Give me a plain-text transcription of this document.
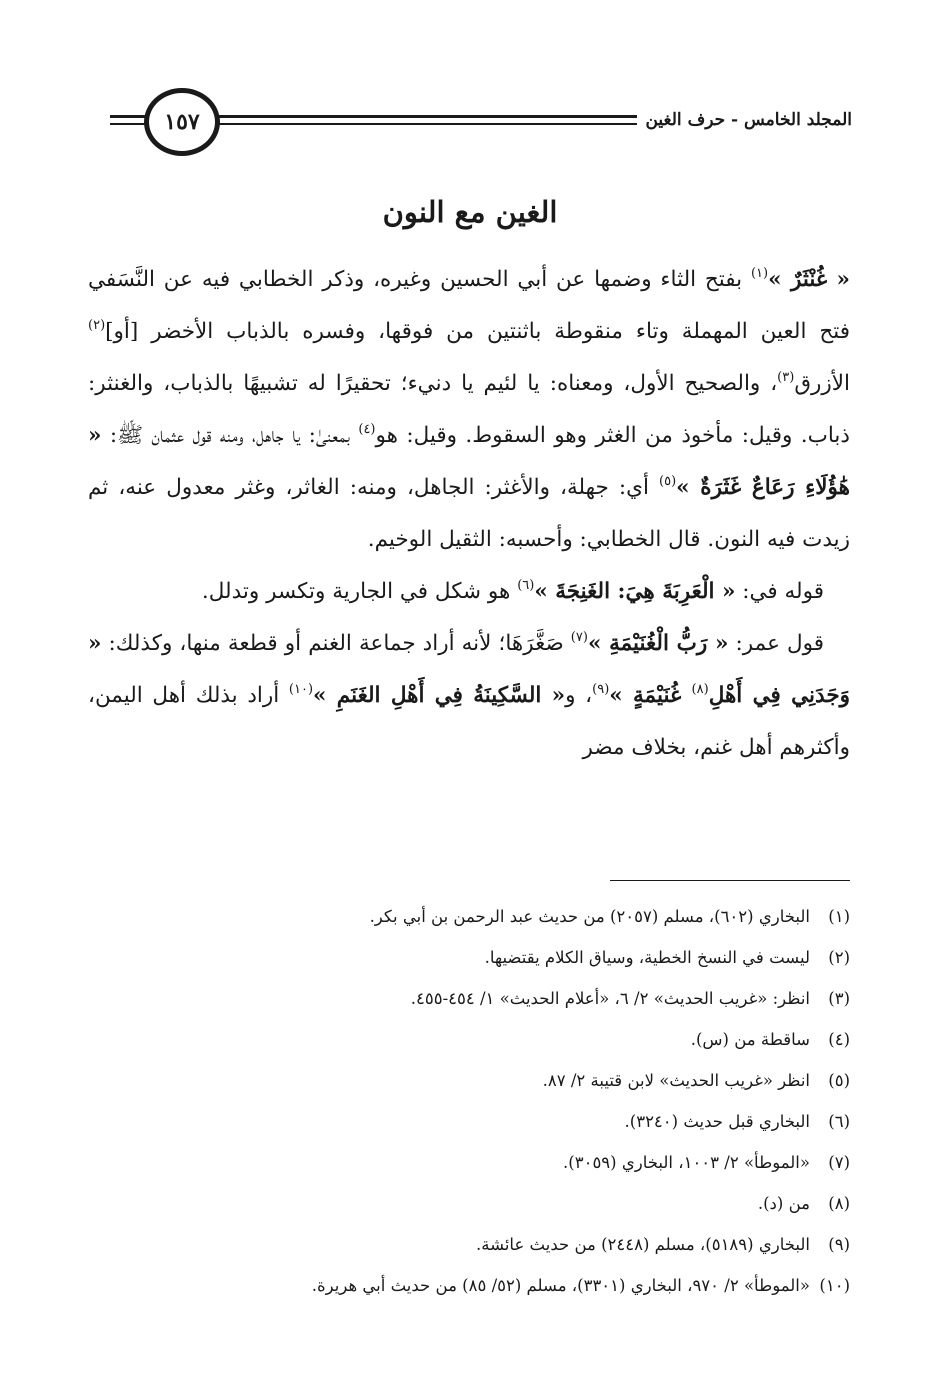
المجلد الخامس - حرف الغين
١٥٧
الغين مع النون

« غُنْثَرٌ »$^{(١)}$ بفتح الثاء وضمها عن أبي الحسين وغيره، وذكر الخطابي فيه عن النَّسَفي فتح العين المهملة وتاء منقوطة باثنتين من فوقها، وفسره بالذباب الأخضر [أو]$^{(٢)}$ الأزرق$^{(٣)}$، والصحيح الأول، ومعناه: يا لئيم يا دنيء؛ تحقيرًا له تشبيهًا بالذباب، والغنثر: ذباب. وقيل: مأخوذ من الغثر وهو السقوط. وقيل: هو$^{(٤)}$ بمعنىٰ: يا جاهل، ومنه قول عثمان ﷺ: « هَٰؤُلَاءِ رَعَاعٌ غَثَرَةٌ »$^{(٥)}$ أي: جهلة، والأغثر: الجاهل، ومنه: الغاثر، وغثر معدول عنه، ثم زيدت فيه النون. قال الخطابي: وأحسبه: الثقيل الوخيم.

قوله في: « الْعَرِبَةَ هِيَ: الغَنِجَةَ »$^{(٦)}$ هو شكل في الجارية وتكسر وتدلل.

قول عمر: « رَبُّ الْغُنَيْمَةِ »$^{(٧)}$ صَغَّرَهَا؛ لأنه أراد جماعة الغنم أو قطعة منها، وكذلك: « وَجَدَنِي فِي أَهْلِ$^{(٨)}$ غُنَيْمَةٍ »$^{(٩)}$، و« السَّكِينَةُ فِي أَهْلِ الغَنَمِ »$^{(١٠)}$ أراد بذلك أهل اليمن، وأكثرهم أهل غنم، بخلاف مضر

(١)
البخاري (٦٠٢)، مسلم (٢٠٥٧) من حديث عبد الرحمن بن أبي بكر.
(٢)
ليست في النسخ الخطية، وسياق الكلام يقتضيها.
(٣)
انظر: «غريب الحديث» ٢/ ٦، «أعلام الحديث» ١/ ٤٥٤-٤٥٥.
(٤)
ساقطة من (س).
(٥)
انظر «غريب الحديث» لابن قتيبة ٢/ ٨٧.
(٦)
البخاري قبل حديث (٣٢٤٠).
(٧)
«الموطأ» ٢/ ١٠٠٣، البخاري (٣٠٥٩).
(٨)
من (د).
(٩)
البخاري (٥١٨٩)، مسلم (٢٤٤٨) من حديث عائشة.
(١٠)
«الموطأ» ٢/ ٩٧٠، البخاري (٣٣٠١)، مسلم (٥٢/ ٨٥) من حديث أبي هريرة.
